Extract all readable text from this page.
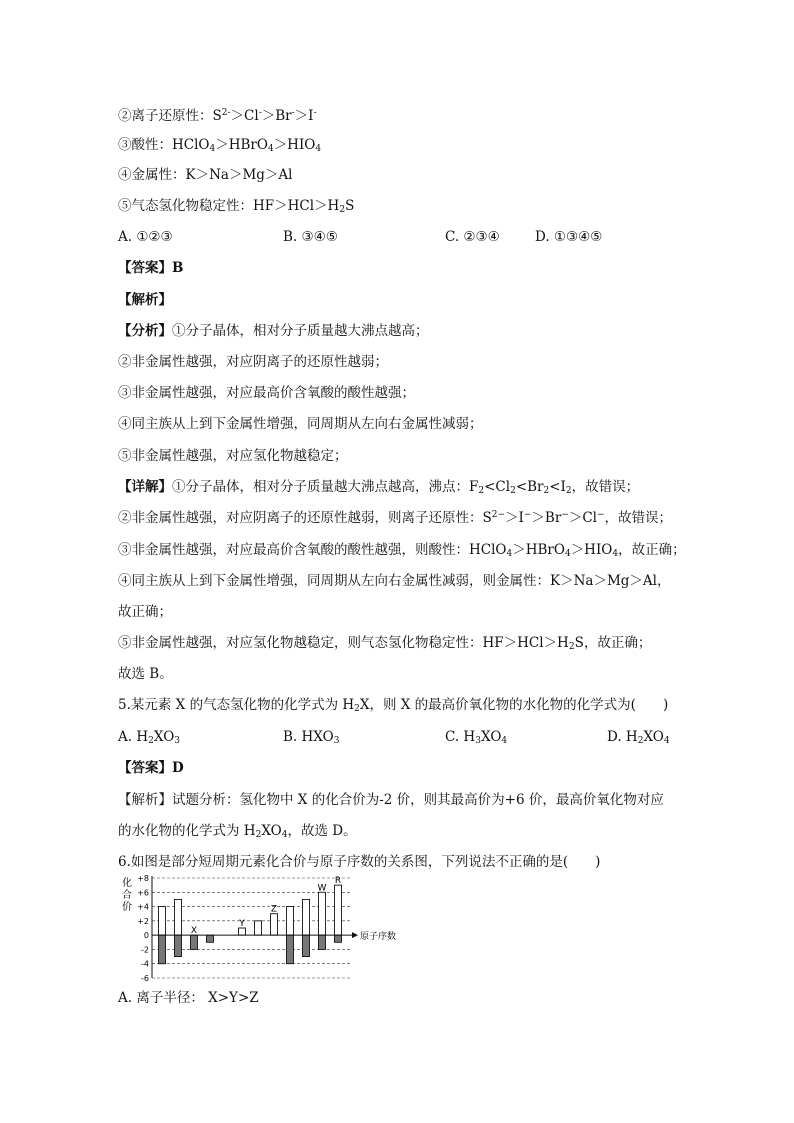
②离子还原性：$S^{2-}>Cl^->Br^->I^-$
③酸性：$HClO_4>HBrO_4>HIO_4$
④金属性：K＞Na＞Mg＞Al
⑤气态氢化物稳定性：$HF>HCl>H_2S$
A. ①②③	B. ③④⑤	C. ②③④	D. ①③④⑤
【答案】B
【解析】
【分析】①分子晶体，相对分子质量越大沸点越高；
②非金属性越强，对应阴离子的还原性越弱；
③非金属性越强，对应最高价含氧酸的酸性越强；
④同主族从上到下金属性增强，同周期从左向右金属性减弱；
⑤非金属性越强，对应氢化物越稳定；
【详解】①分子晶体，相对分子质量越大沸点越高，沸点：$F_2<Cl_2<Br_2<I_2$，故错误；
②非金属性越强，对应阴离子的还原性越弱，则离子还原性：$S^{2-}>I^->Br^->Cl^-$，故错误；
③非金属性越强，对应最高价含氧酸的酸性越强，则酸性：$HClO_4>HBrO_4>HIO_4$，故正确；
④同主族从上到下金属性增强，同周期从左向右金属性减弱，则金属性：K＞Na＞Mg＞Al，
故正确；
⑤非金属性越强，对应氢化物越稳定，则气态氢化物稳定性：$HF>HCl>H_2S$，故正确；
故选 B。
5.某元素 X 的气态氢化物的化学式为 $H_2X$，则 X 的最高价氧化物的水化物的化学式为(　　)
A. $H_2XO_3$	B. $HXO_3$	C. $H_3XO_4$	D. $H_2XO_4$
【答案】D
【解析】试题分析：氢化物中 X 的化合价为-2 价，则其最高价为+6 价，最高价氧化物对应
的水化物的化学式为 $H_2XO_4$，故选 D。
6.如图是部分短周期元素化合价与原子序数的关系图，下列说法不正确的是(　　)
化
合
价
+8
+6
+4
+2
0
-2
-4
-6
原子序数
X
Y
Z
W
R
A. 离子半径： X>Y>Z
